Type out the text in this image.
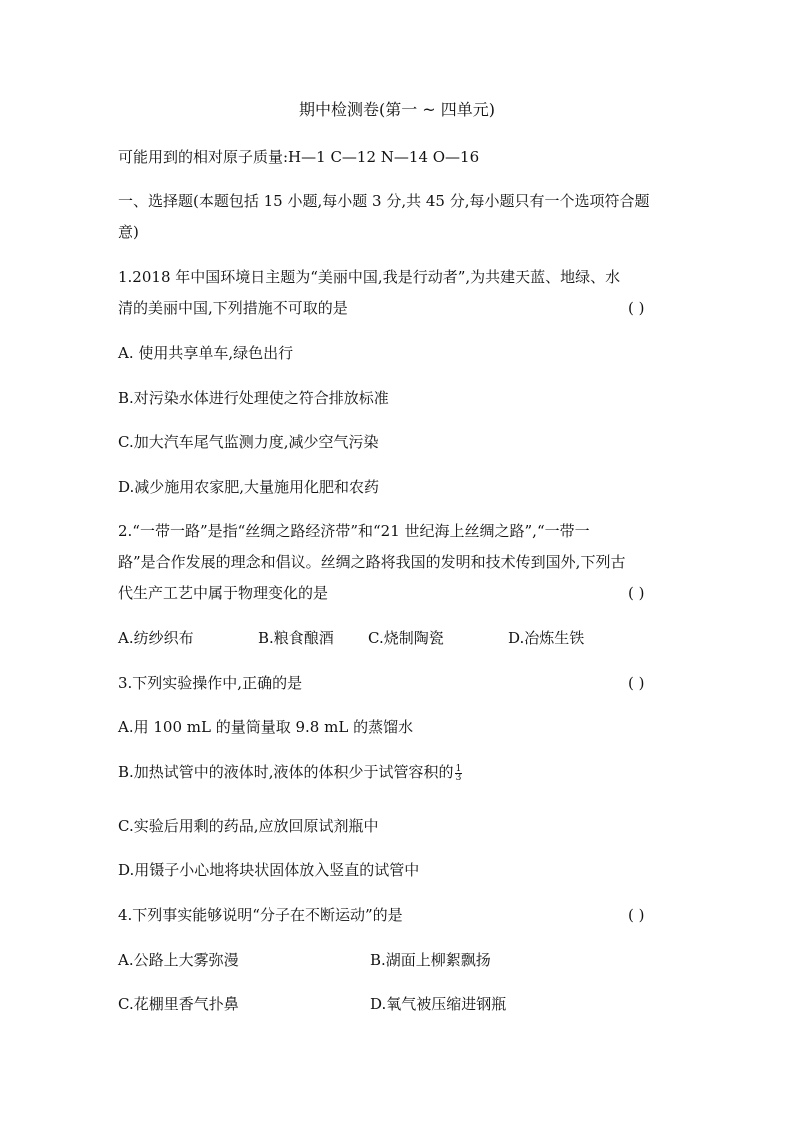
期中检测卷(第一 ~ 四单元)
可能用到的相对原子质量:H—1 C—12 N—14 O—16
一、选择题(本题包括 15 小题,每小题 3 分,共 45 分,每小题只有一个选项符合题
意)
1.2018 年中国环境日主题为“美丽中国,我是行动者”,为共建天蓝、地绿、水
清的美丽中国,下列措施不可取的是	( )
A. 使用共享单车,绿色出行
B.对污染水体进行处理使之符合排放标准
C.加大汽车尾气监测力度,减少空气污染
D.减少施用农家肥,大量施用化肥和农药
2.“一带一路”是指“丝绸之路经济带”和“21 世纪海上丝绸之路”,“一带一
路”是合作发展的理念和倡议。丝绸之路将我国的发明和技术传到国外,下列古
代生产工艺中属于物理变化的是	( )
A.纺纱织布	B.粮食酿酒 C.烧制陶瓷	D.冶炼生铁
3.下列实验操作中,正确的是	( )
A.用 100 mL 的量筒量取 9.8 mL 的蒸馏水
B.加热试管中的液体时,液体的体积少于试管容积的 $\frac{1}{3}$
C.实验后用剩的药品,应放回原试剂瓶中
D.用镊子小心地将块状固体放入竖直的试管中
4.下列事实能够说明“分子在不断运动”的是	( )
A.公路上大雾弥漫	B.湖面上柳絮飘扬
C.花棚里香气扑鼻	D.氧气被压缩进钢瓶
